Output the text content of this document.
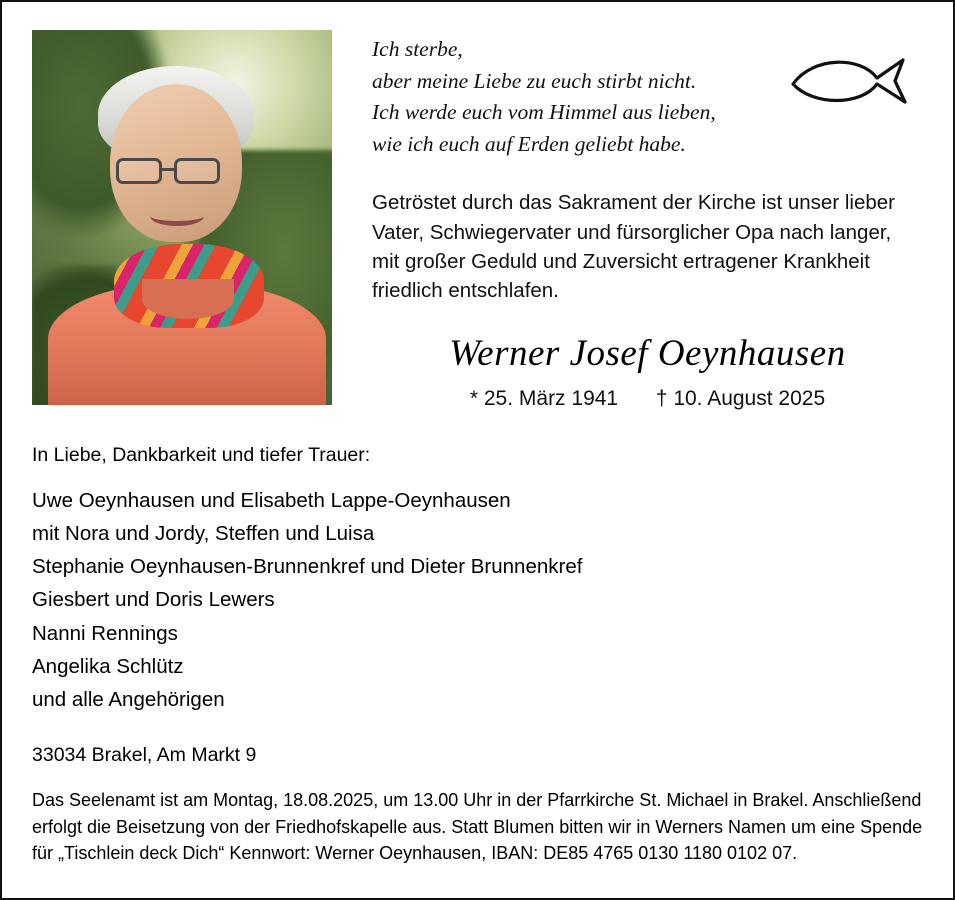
Ich sterbe,
aber meine Liebe zu euch stirbt nicht.
Ich werde euch vom Himmel aus lieben,
wie ich euch auf Erden geliebt habe.
Getröstet durch das Sakrament der Kirche ist unser lieber Vater, Schwiegervater und fürsorglicher Opa nach langer, mit großer Geduld und Zuversicht ertragener Krankheit friedlich entschlafen.
Werner Josef Oeynhausen
* 25. März 1941 † 10. August 2025
In Liebe, Dankbarkeit und tiefer Trauer:
Uwe Oeynhausen und Elisabeth Lappe-Oeynhausen
mit Nora und Jordy, Steffen und Luisa
Stephanie Oeynhausen-Brunnenkref und Dieter Brunnenkref
Giesbert und Doris Lewers
Nanni Rennings
Angelika Schlütz
und alle Angehörigen
33034 Brakel, Am Markt 9
Das Seelenamt ist am Montag, 18.08.2025, um 13.00 Uhr in der Pfarrkirche St. Michael in Brakel. Anschließend erfolgt die Beisetzung von der Friedhofskapelle aus. Statt Blumen bitten wir in Werners Namen um eine Spende für „Tischlein deck Dich“ Kennwort: Werner Oeynhausen, IBAN: DE85 4765 0130 1180 0102 07.
